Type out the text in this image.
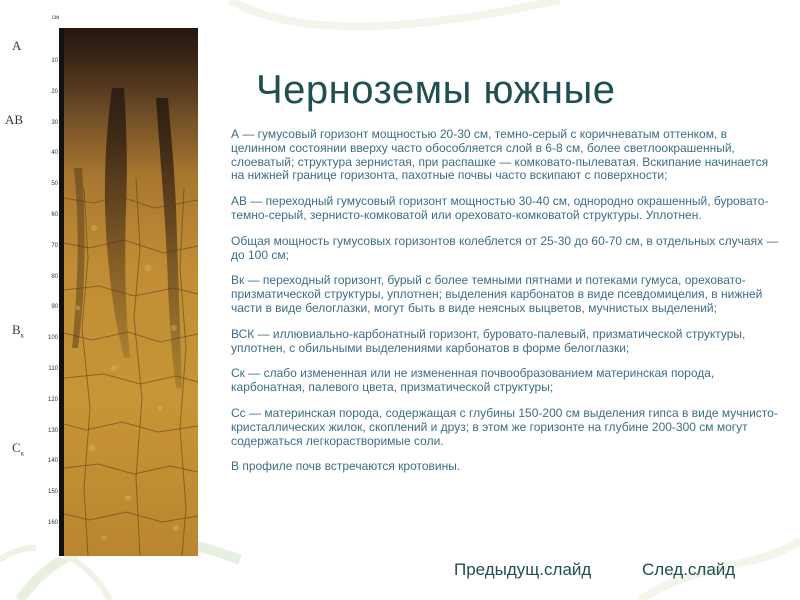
A
AB
$B_к$
$C_к$
см
10
20
30
40
50
60
70
80
90
100
110
120
130
140
150
160
Черноземы южные

А — гумусовый горизонт мощностью 20-30 см, темно-серый с коричневатым оттенком, в целинном состоянии вверху часто обособляется слой в 6-8 см, более светлоокрашенный, слоеватый; структура зернистая, при распашке — комковато-пылеватая. Вскипание начинается на нижней границе горизонта, пахотные почвы часто вскипают с поверхности;

АВ — переходный гумусовый горизонт мощностью 30-40 см, однородно окрашенный, буровато-темно-серый, зернисто-комковатой или ореховато-комковатой структуры. Уплотнен.

Общая мощность гумусовых горизонтов колеблется от 25-30 до 60-70 см, в отдельных случаях — до 100 см;

Вк — переходный горизонт, бурый с более темными пятнами и потеками гумуса, ореховато-призматической структуры, уплотнен; выделения карбонатов в виде псевдомицелия, в нижней части в виде белоглазки, могут быть в виде неясных выцветов, мучнистых выделений;

ВСК — иллювиально-карбонатный горизонт, буровато-палевый, призматической структуры, уплотнен, с обильными выделениями карбонатов в форме белоглазки;

Ск — слабо измененная или не измененная почвообразованием материнская порода, карбонатная, палевого цвета, призматической структуры;

Сс — материнская порода, содержащая с глубины 150-200 см выделения гипса в виде мучнисто-кристаллических жилок, скоплений и друз; в этом же горизонте на глубине 200-300 см могут содержаться легкорастворимые соли.

В профиле почв встречаются кротовины.

Предыдущ.слайд	След.слайд
